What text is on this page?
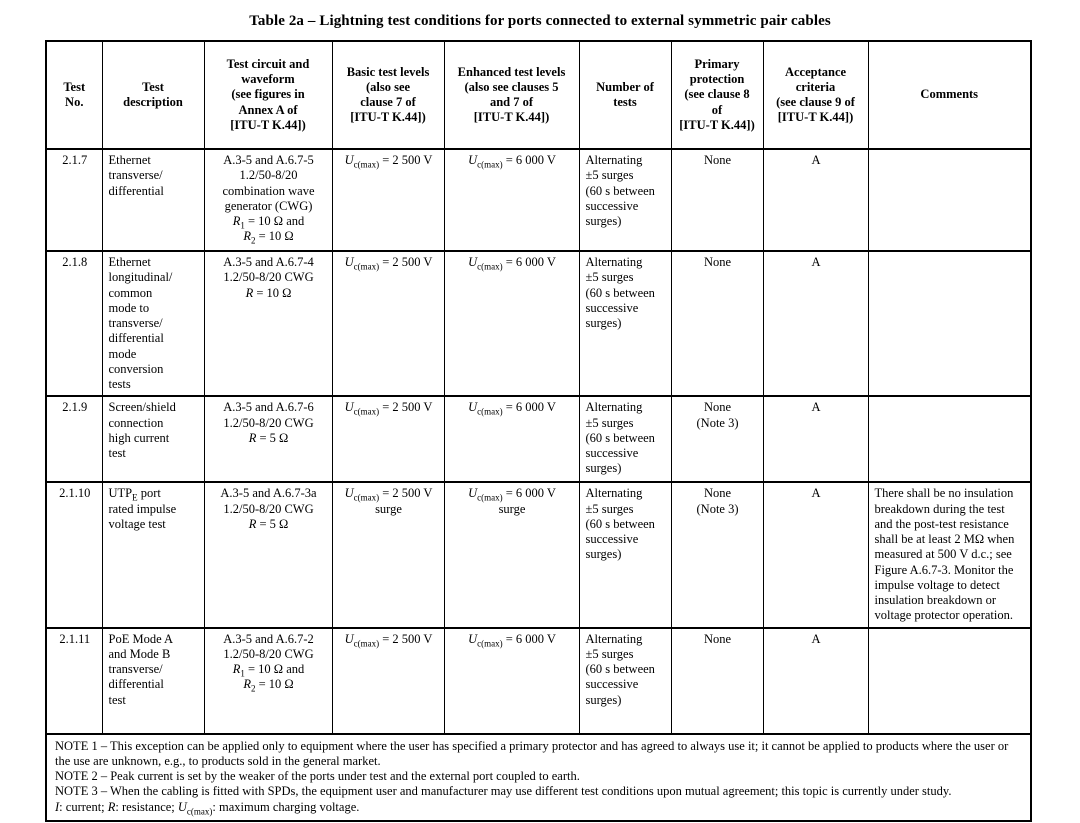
Table 2a – Lightning test conditions for ports connected to external symmetric pair cables
Test
No.	Test
description	Test circuit and
waveform
(see figures in
Annex A of
[ITU-T K.44])	Basic test levels
(also see
clause 7 of
[ITU-T K.44])	Enhanced test levels
(also see clauses 5
and 7 of
[ITU-T K.44])	Number of
tests	Primary
protection
(see clause 8
of
[ITU-T K.44])	Acceptance
criteria
(see clause 9 of
[ITU-T K.44])	Comments
2.1.7	Ethernet
transverse/
differential	A.3-5 and A.6.7-5
1.2/50-8/20
combination wave
generator (CWG)
$R_1 = 10$ Ω and
$R_2 = 10$ Ω	$U_{c(max)} = 2$ 500 V	$U_{c(max)} = 6$ 000 V	Alternating
±5 surges
(60 s between
successive
surges)	None	A	
2.1.8	Ethernet
longitudinal/
common
mode to
transverse/
differential
mode
conversion
tests	A.3-5 and A.6.7-4
1.2/50-8/20 CWG
R = 10 Ω	$U_{c(max)} = 2$ 500 V	$U_{c(max)} = 6$ 000 V	Alternating
±5 surges
(60 s between
successive
surges)	None	A	
2.1.9	Screen/shield
connection
high current
test	A.3-5 and A.6.7-6
1.2/50-8/20 CWG
R = 5 Ω	$U_{c(max)} = 2$ 500 V	$U_{c(max)} = 6$ 000 V	Alternating
±5 surges
(60 s between
successive
surges)	None
(Note 3)	A	
2.1.10	$UTP_E$ port
rated impulse
voltage test	A.3-5 and A.6.7-3a
1.2/50-8/20 CWG
R = 5 Ω	$U_{c(max)} = 2$ 500 V
surge	$U_{c(max)} = 6$ 000 V
surge	Alternating
±5 surges
(60 s between
successive
surges)	None
(Note 3)	A	There shall be no insulation breakdown during the test and the post-test resistance shall be at least 2 MΩ when measured at 500 V d.c.; see Figure A.6.7-3. Monitor the impulse voltage to detect insulation breakdown or voltage protector operation.
2.1.11	PoE Mode A
and Mode B
transverse/
differential
test	A.3-5 and A.6.7-2
1.2/50-8/20 CWG
$R_1 = 10$ Ω and
$R_2 = 10$ Ω	$U_{c(max)} = 2$ 500 V	$U_{c(max)} = 6$ 000 V	Alternating
±5 surges
(60 s between
successive
surges)	None	A	

NOTE 1 – This exception can be applied only to equipment where the user has specified a primary protector and has agreed to always use it; it cannot be applied to products where the user or the use are unknown, e.g., to products sold in the general market.

NOTE 2 – Peak current is set by the weaker of the ports under test and the external port coupled to earth.

NOTE 3 – When the cabling is fitted with SPDs, the equipment user and manufacturer may use different test conditions upon mutual agreement; this topic is currently under study.

I: current; R: resistance; $U_{c(max)}$: maximum charging voltage.								
